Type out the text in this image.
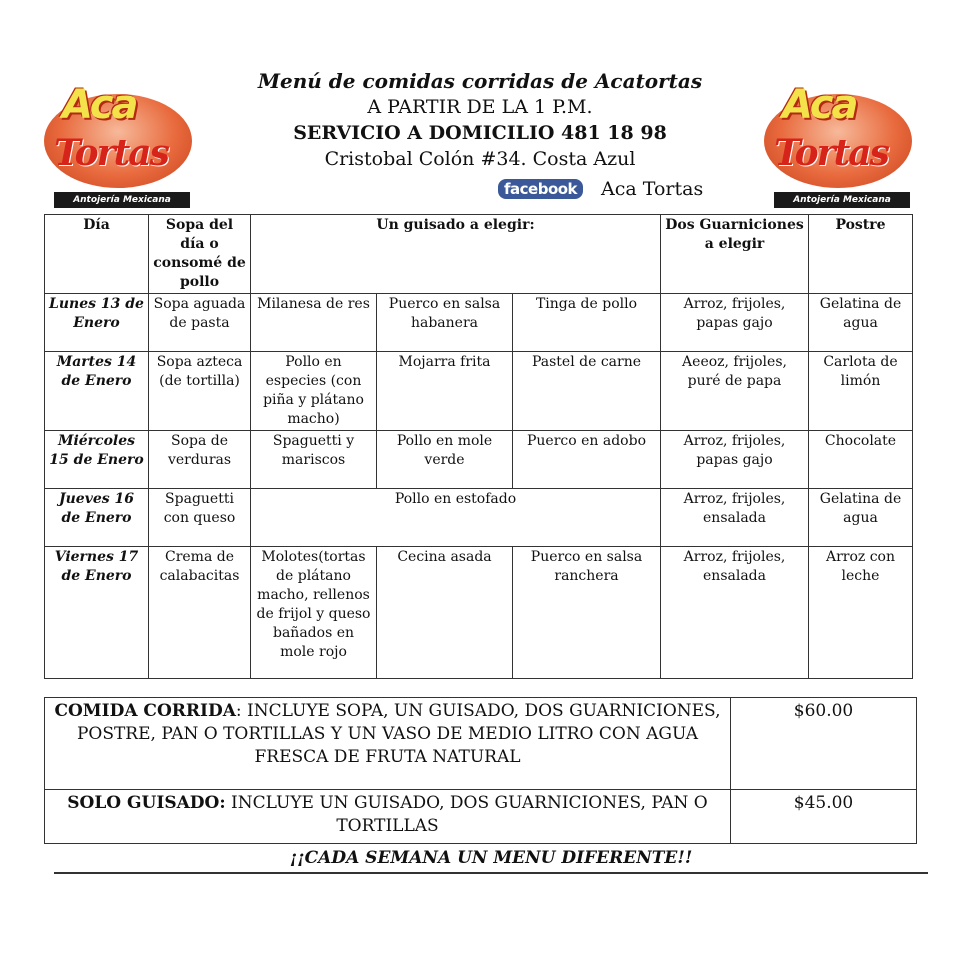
Aca
Tortas
Antojería Mexicana
Aca
Tortas
Antojería Mexicana
Menú de comidas corridas de Acatortas
A PARTIR DE LA 1 P.M.
SERVICIO A DOMICILIO 481 18 98
Cristobal Colón #34. Costa Azul
facebook	Aca Tortas
Día	Sopa del día o consomé de pollo	Un guisado a elegir:			Dos Guarniciones a elegir	Postre
Lunes 13 de Enero	Sopa aguada de pasta	Milanesa de res	Puerco en salsa habanera	Tinga de pollo	Arroz, frijoles, papas gajo	Gelatina de agua
Martes 14 de Enero	Sopa azteca (de tortilla)	Pollo en especies (con piña y plátano macho)	Mojarra frita	Pastel de carne	Aeeoz, frijoles, puré de papa	Carlota de limón
Miércoles 15 de Enero	Sopa de verduras	Spaguetti y mariscos	Pollo en mole verde	Puerco en adobo	Arroz, frijoles, papas gajo	Chocolate
Jueves 16 de Enero	Spaguetti con queso	Pollo en estofado			Arroz, frijoles, ensalada	Gelatina de agua
Viernes 17 de Enero	Crema de calabacitas	Molotes(tortas de plátano macho, rellenos de frijol y queso bañados en mole rojo	Cecina asada	Puerco en salsa ranchera	Arroz, frijoles, ensalada	Arroz con leche
COMIDA CORRIDA: INCLUYE SOPA, UN GUISADO, DOS GUARNICIONES, POSTRE, PAN O TORTILLAS Y UN VASO DE MEDIO LITRO CON AGUA FRESCA DE FRUTA NATURAL	$60.00
SOLO GUISADO: INCLUYE UN GUISADO, DOS GUARNICIONES, PAN O TORTILLAS	$45.00
¡¡CADA SEMANA UN MENU DIFERENTE!!
